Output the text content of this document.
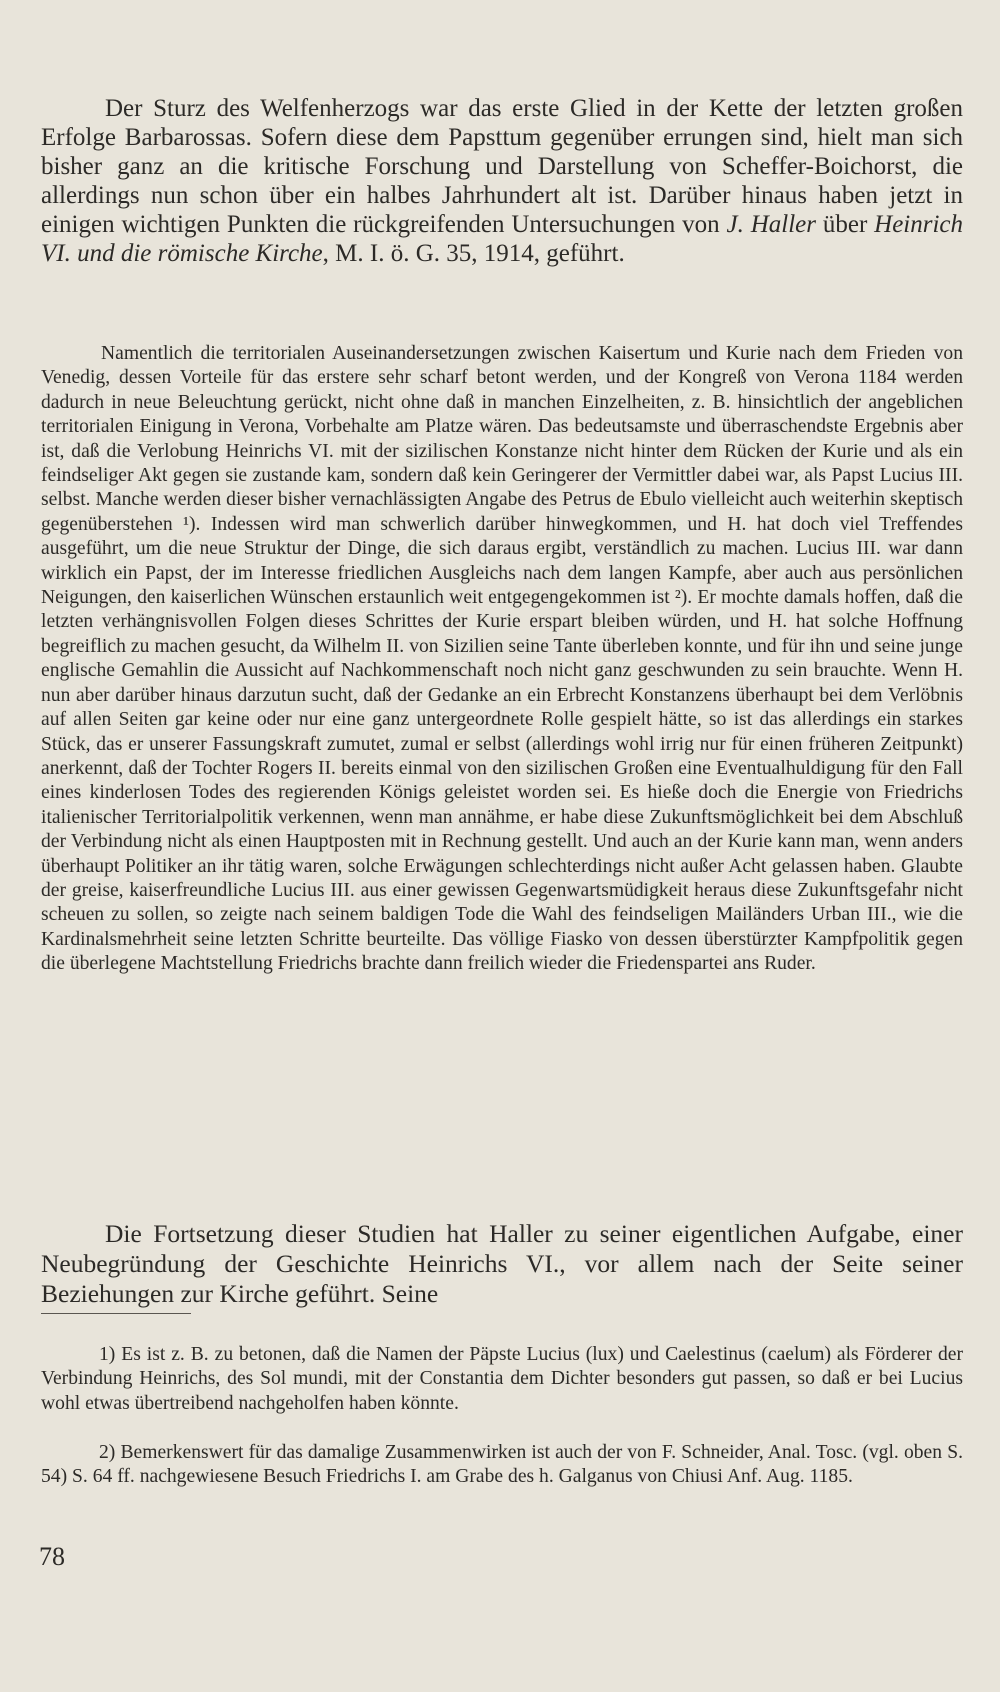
Der Sturz des Welfenherzogs war das erste Glied in der Kette der letzten großen Erfolge Barbarossas. Sofern diese dem Papsttum gegenüber errungen sind, hielt man sich bisher ganz an die kritische Forschung und Darstellung von Scheffer-Boichorst, die allerdings nun schon über ein halbes Jahrhundert alt ist. Darüber hinaus haben jetzt in einigen wichtigen Punkten die rückgreifenden Untersuchungen von J. Haller über Heinrich VI. und die römische Kirche, M. I. ö. G. 35, 1914, geführt.

Namentlich die territorialen Auseinandersetzungen zwischen Kaisertum und Kurie nach dem Frieden von Venedig, dessen Vorteile für das erstere sehr scharf betont werden, und der Kongreß von Verona 1184 werden dadurch in neue Beleuchtung gerückt, nicht ohne daß in manchen Einzelheiten, z. B. hinsichtlich der angeblichen territorialen Einigung in Verona, Vorbehalte am Platze wären. Das bedeutsamste und überraschendste Ergebnis aber ist, daß die Verlobung Heinrichs VI. mit der sizilischen Konstanze nicht hinter dem Rücken der Kurie und als ein feindseliger Akt gegen sie zustande kam, sondern daß kein Geringerer der Vermittler dabei war, als Papst Lucius III. selbst. Manche werden dieser bisher vernachlässigten Angabe des Petrus de Ebulo vielleicht auch weiterhin skeptisch gegenüberstehen ¹). Indessen wird man schwerlich darüber hinwegkommen, und H. hat doch viel Treffendes ausgeführt, um die neue Struktur der Dinge, die sich daraus ergibt, verständlich zu machen. Lucius III. war dann wirklich ein Papst, der im Interesse friedlichen Ausgleichs nach dem langen Kampfe, aber auch aus persönlichen Neigungen, den kaiserlichen Wünschen erstaunlich weit entgegengekommen ist ²). Er mochte damals hoffen, daß die letzten verhängnisvollen Folgen dieses Schrittes der Kurie erspart bleiben würden, und H. hat solche Hoffnung begreiflich zu machen gesucht, da Wilhelm II. von Sizilien seine Tante überleben konnte, und für ihn und seine junge englische Gemahlin die Aussicht auf Nachkommenschaft noch nicht ganz geschwunden zu sein brauchte. Wenn H. nun aber darüber hinaus darzutun sucht, daß der Gedanke an ein Erbrecht Konstanzens überhaupt bei dem Verlöbnis auf allen Seiten gar keine oder nur eine ganz untergeordnete Rolle gespielt hätte, so ist das allerdings ein starkes Stück, das er unserer Fassungskraft zumutet, zumal er selbst (allerdings wohl irrig nur für einen früheren Zeitpunkt) anerkennt, daß der Tochter Rogers II. bereits einmal von den sizilischen Großen eine Eventualhuldigung für den Fall eines kinderlosen Todes des regierenden Königs geleistet worden sei. Es hieße doch die Energie von Friedrichs italienischer Territorialpolitik verkennen, wenn man annähme, er habe diese Zukunftsmöglichkeit bei dem Abschluß der Verbindung nicht als einen Hauptposten mit in Rechnung gestellt. Und auch an der Kurie kann man, wenn anders überhaupt Politiker an ihr tätig waren, solche Erwägungen schlechterdings nicht außer Acht gelassen haben. Glaubte der greise, kaiserfreundliche Lucius III. aus einer gewissen Gegenwartsmüdigkeit heraus diese Zukunftsgefahr nicht scheuen zu sollen, so zeigte nach seinem baldigen Tode die Wahl des feindseligen Mailänders Urban III., wie die Kardinalsmehrheit seine letzten Schritte beurteilte. Das völlige Fiasko von dessen überstürzter Kampfpolitik gegen die überlegene Machtstellung Friedrichs brachte dann freilich wieder die Friedenspartei ans Ruder.

Die Fortsetzung dieser Studien hat Haller zu seiner eigentlichen Aufgabe, einer Neubegründung der Geschichte Heinrichs VI., vor allem nach der Seite seiner Beziehungen zur Kirche geführt. Seine

1) Es ist z. B. zu betonen, daß die Namen der Päpste Lucius (lux) und Caelestinus (caelum) als Förderer der Verbindung Heinrichs, des Sol mundi, mit der Constantia dem Dichter besonders gut passen, so daß er bei Lucius wohl etwas übertreibend nachgeholfen haben könnte.

2) Bemerkenswert für das damalige Zusammenwirken ist auch der von F. Schneider, Anal. Tosc. (vgl. oben S. 54) S. 64 ff. nachgewiesene Besuch Friedrichs I. am Grabe des h. Galganus von Chiusi Anf. Aug. 1185.

78
